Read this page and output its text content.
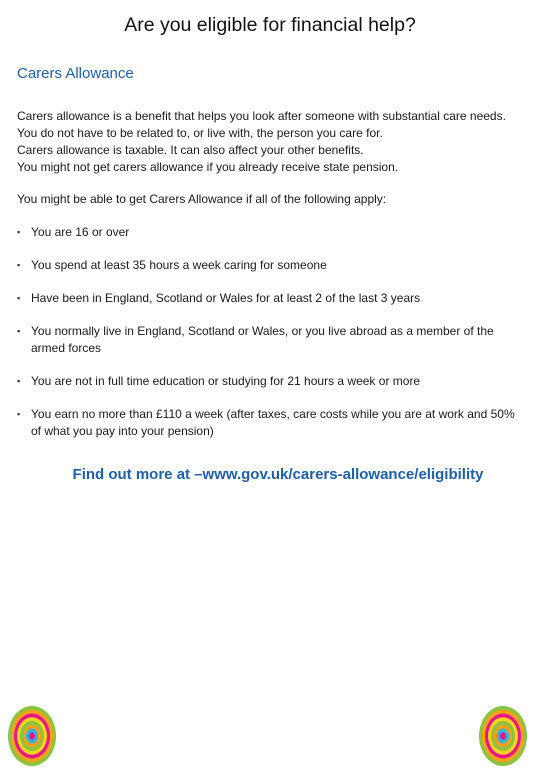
Are you eligible for financial help?
Carers Allowance
Carers allowance is a benefit that helps you look after someone with substantial care needs.
You do not have to be related to, or live with, the person you care for.
Carers allowance is taxable. It can also affect your other benefits.
You might not get carers allowance if you already receive state pension.
You might be able to get Carers Allowance if all of the following apply:
▪ You are 16 or over
▪ You spend at least 35 hours a week caring for someone
▪ Have been in England, Scotland or Wales for at least 2 of the last 3 years
▪ You normally live in England, Scotland or Wales, or you live abroad as a member of the armed forces
▪ You are not in full time education or studying for 21 hours a week or more
▪ You earn no more than £110 a week (after taxes, care costs while you are at work and 50% of what you pay into your pension)
Find out more at –www.gov.uk/carers-allowance/eligibility
